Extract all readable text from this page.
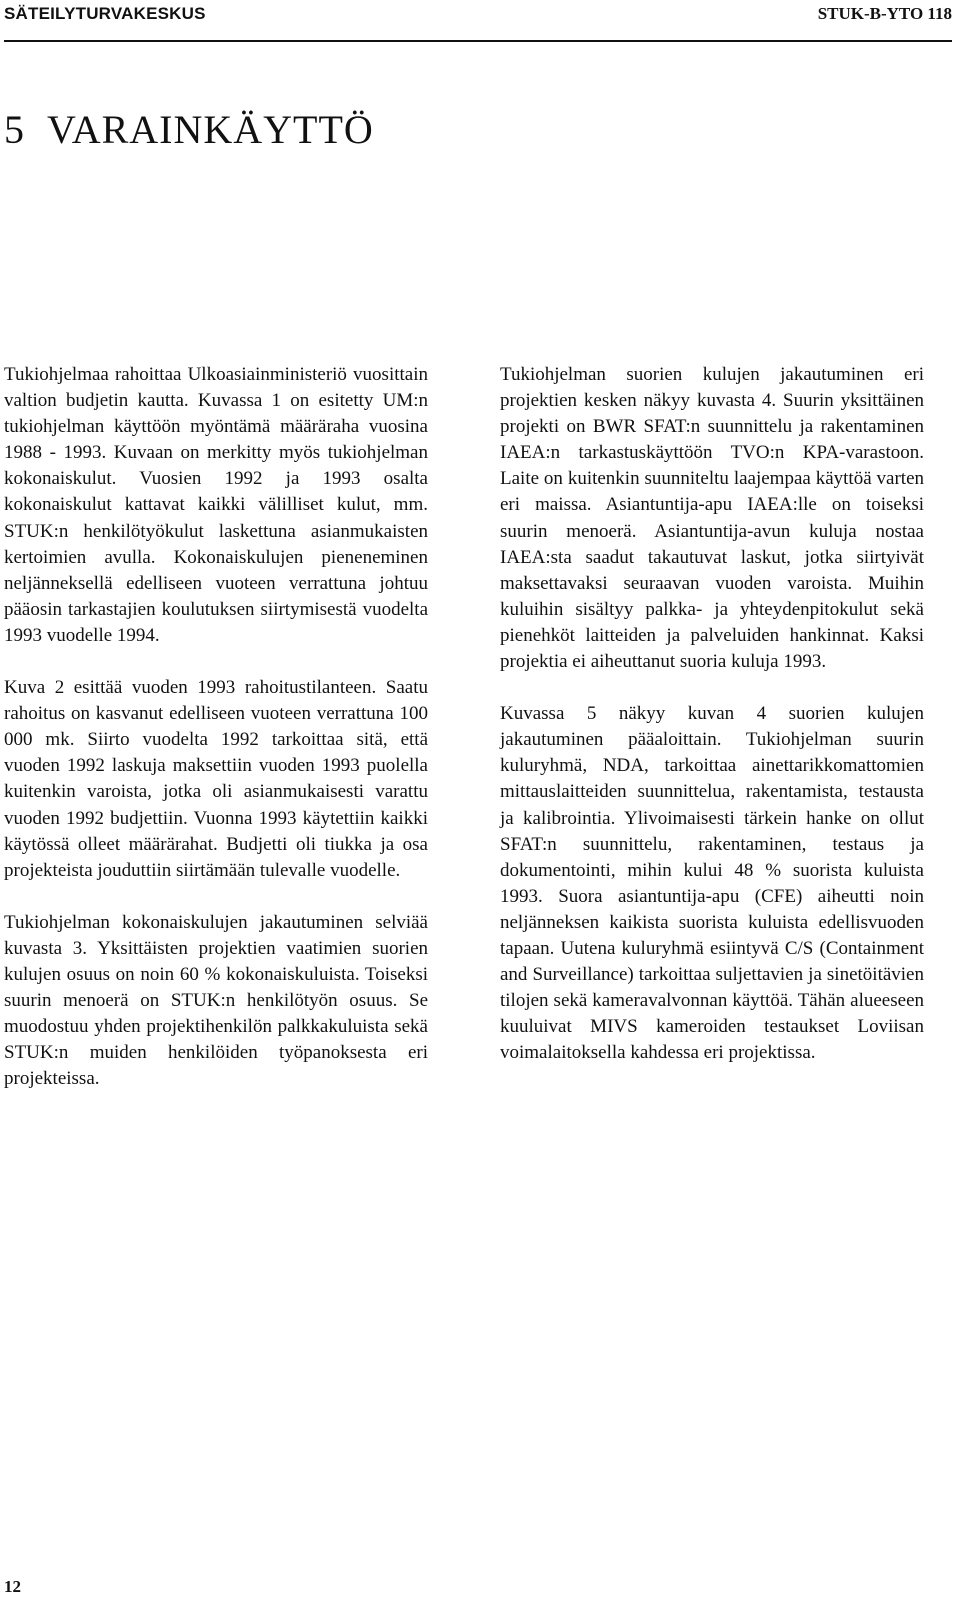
SÄTEILYTURVAKESKUS	STUK-B-YTO 118
5 VARAINKÄYTTÖ

Tukiohjelmaa rahoittaa Ulkoasiainministeriö vuosittain valtion budjetin kautta. Kuvassa 1 on esitetty UM:n tukiohjelman käyttöön myöntämä määräraha vuosina 1988 - 1993. Kuvaan on merkitty myös tukiohjelman kokonaiskulut. Vuosien 1992 ja 1993 osalta kokonaiskulut kattavat kaikki välilliset kulut, mm. STUK:n henkilötyökulut laskettuna asianmukaisten kertoimien avulla. Kokonaiskulujen pieneneminen neljänneksellä edelliseen vuoteen verrattuna johtuu pääosin tarkastajien koulutuksen siirtymisestä vuodelta 1993 vuodelle 1994.

Kuva 2 esittää vuoden 1993 rahoitustilanteen. Saatu rahoitus on kasvanut edelliseen vuoteen verrattuna 100 000 mk. Siirto vuodelta 1992 tarkoittaa sitä, että vuoden 1992 laskuja maksettiin vuoden 1993 puolella kuitenkin varoista, jotka oli asianmukaisesti varattu vuoden 1992 budjettiin. Vuonna 1993 käytettiin kaikki käytössä olleet määrärahat. Budjetti oli tiukka ja osa projekteista jouduttiin siirtämään tulevalle vuodelle.

Tukiohjelman kokonaiskulujen jakautuminen selviää kuvasta 3. Yksittäisten projektien vaatimien suorien kulujen osuus on noin 60 % kokonaiskuluista. Toiseksi suurin menoerä on STUK:n henkilötyön osuus. Se muodostuu yhden projektihenkilön palkkakuluista sekä STUK:n muiden henkilöiden työpanoksesta eri projekteissa.

Tukiohjelman suorien kulujen jakautuminen eri projektien kesken näkyy kuvasta 4. Suurin yksittäinen projekti on BWR SFAT:n suunnittelu ja rakentaminen IAEA:n tarkastuskäyttöön TVO:n KPA-varastoon. Laite on kuitenkin suunniteltu laajempaa käyttöä varten eri maissa. Asiantuntija-apu IAEA:lle on toiseksi suurin menoerä. Asiantuntija-avun kuluja nostaa IAEA:sta saadut takautuvat laskut, jotka siirtyivät maksettavaksi seuraavan vuoden varoista. Muihin kuluihin sisältyy palkka- ja yhteydenpitokulut sekä pienehköt laitteiden ja palveluiden hankinnat. Kaksi projektia ei aiheuttanut suoria kuluja 1993.

Kuvassa 5 näkyy kuvan 4 suorien kulujen jakautuminen pääaloittain. Tukiohjelman suurin kuluryhmä, NDA, tarkoittaa ainettarikkomattomien mittauslaitteiden suunnittelua, rakentamista, testausta ja kalibrointia. Ylivoimaisesti tärkein hanke on ollut SFAT:n suunnittelu, rakentaminen, testaus ja dokumentointi, mihin kului 48 % suorista kuluista 1993. Suora asiantuntija-apu (CFE) aiheutti noin neljänneksen kaikista suorista kuluista edellisvuoden tapaan. Uutena kuluryhmä esiintyvä C/S (Containment and Surveillance) tarkoittaa suljettavien ja sinetöitävien tilojen sekä kameravalvonnan käyttöä. Tähän alueeseen kuuluivat MIVS kameroiden testaukset Loviisan voimalaitoksella kahdessa eri projektissa.

12
